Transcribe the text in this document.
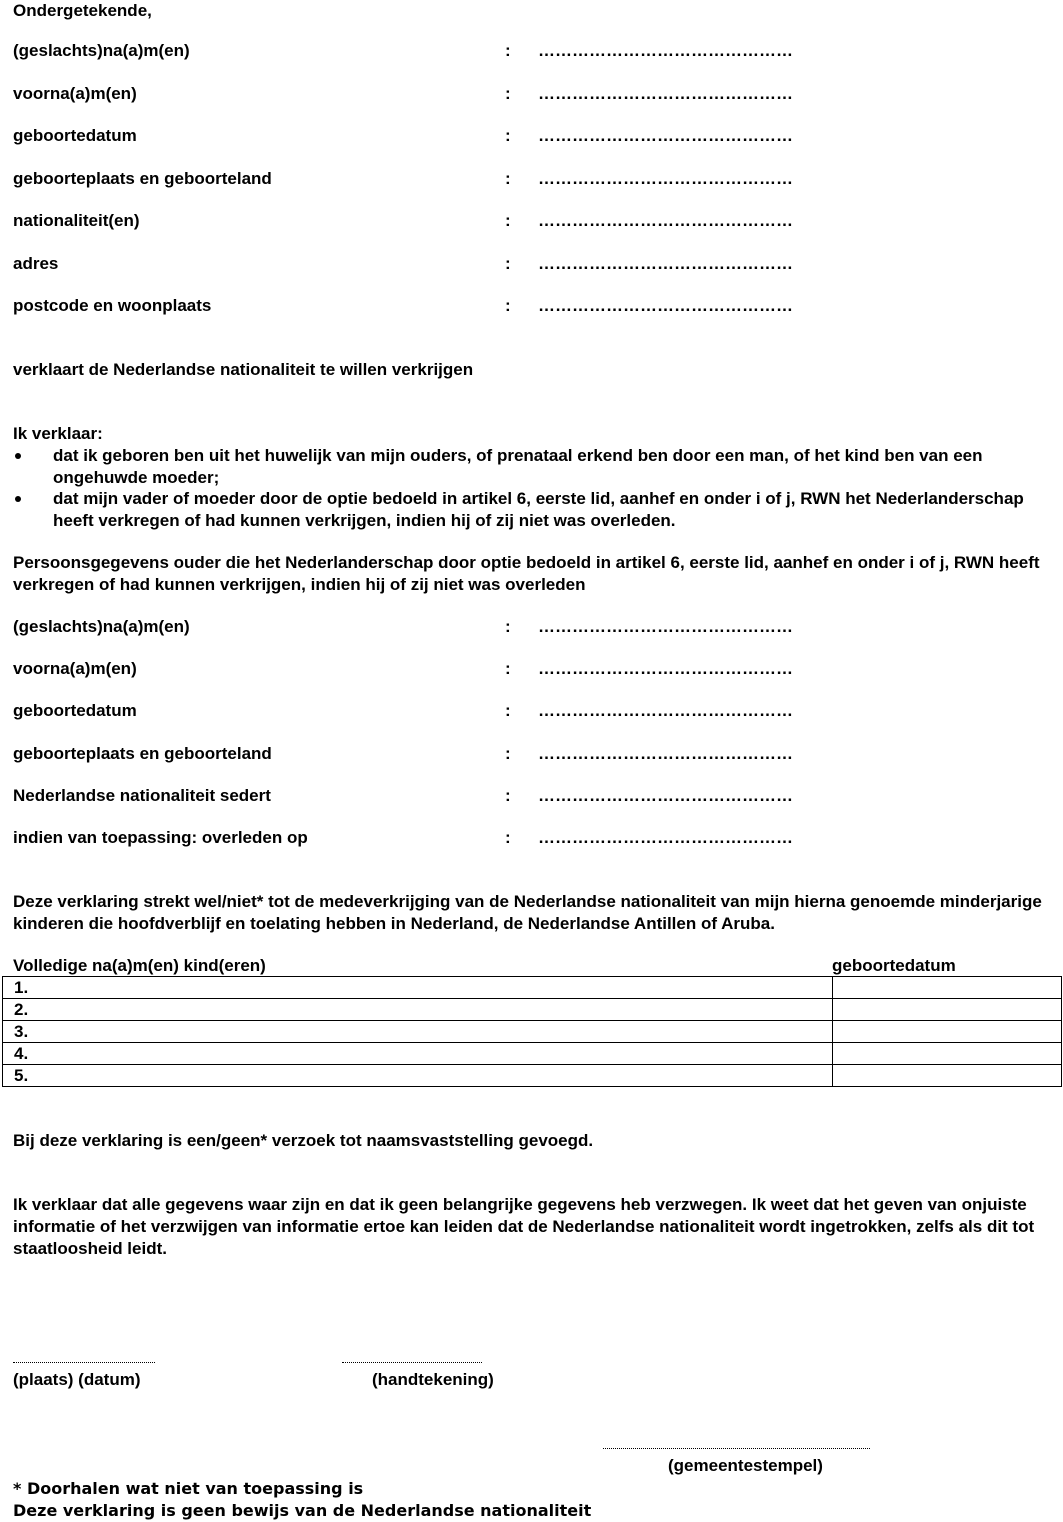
Ondergetekende,
(geslachts)na(a)m(en)	: ………………………………………
voorna(a)m(en)	: ………………………………………
geboortedatum	: ………………………………………
geboorteplaats en geboorteland	: ………………………………………
nationaliteit(en)	: ………………………………………
adres	: ………………………………………
postcode en woonplaats	: ………………………………………
verklaart de Nederlandse nationaliteit te willen verkrijgen
Ik verklaar:
dat ik geboren ben uit het huwelijk van mijn ouders, of prenataal erkend ben door een man, of het kind ben van een ongehuwde moeder;
dat mijn vader of moeder door de optie bedoeld in artikel 6, eerste lid, aanhef en onder i of j, RWN het Nederlanderschap heeft verkregen of had kunnen verkrijgen, indien hij of zij niet was overleden.
Persoonsgegevens ouder die het Nederlanderschap door optie bedoeld in artikel 6, eerste lid, aanhef en onder i of j, RWN heeft verkregen of had kunnen verkrijgen, indien hij of zij niet was overleden
(geslachts)na(a)m(en)	: ………………………………………
voorna(a)m(en)	: ………………………………………
geboortedatum	: ………………………………………
geboorteplaats en geboorteland	: ………………………………………
Nederlandse nationaliteit sedert	: ………………………………………
indien van toepassing: overleden op	: ………………………………………
Deze verklaring strekt wel/niet* tot de medeverkrijging van de Nederlandse nationaliteit van mijn hierna genoemde minderjarige kinderen die hoofdverblijf en toelating hebben in Nederland, de Nederlandse Antillen of Aruba.
Volledige na(a)m(en) kind(eren)	geboortedatum
1.	
2.	
3.	
4.	
5.	
Bij deze verklaring is een/geen* verzoek tot naamsvaststelling gevoegd.
Ik verklaar dat alle gegevens waar zijn en dat ik geen belangrijke gegevens heb verzwegen. Ik weet dat het geven van onjuiste informatie of het verzwijgen van informatie ertoe kan leiden dat de Nederlandse nationaliteit wordt ingetrokken, zelfs als dit tot staatloosheid leidt.
(plaats) (datum)	(handtekening)
(gemeentestempel)
* Doorhalen wat niet van toepassing is
Deze verklaring is geen bewijs van de Nederlandse nationaliteit
